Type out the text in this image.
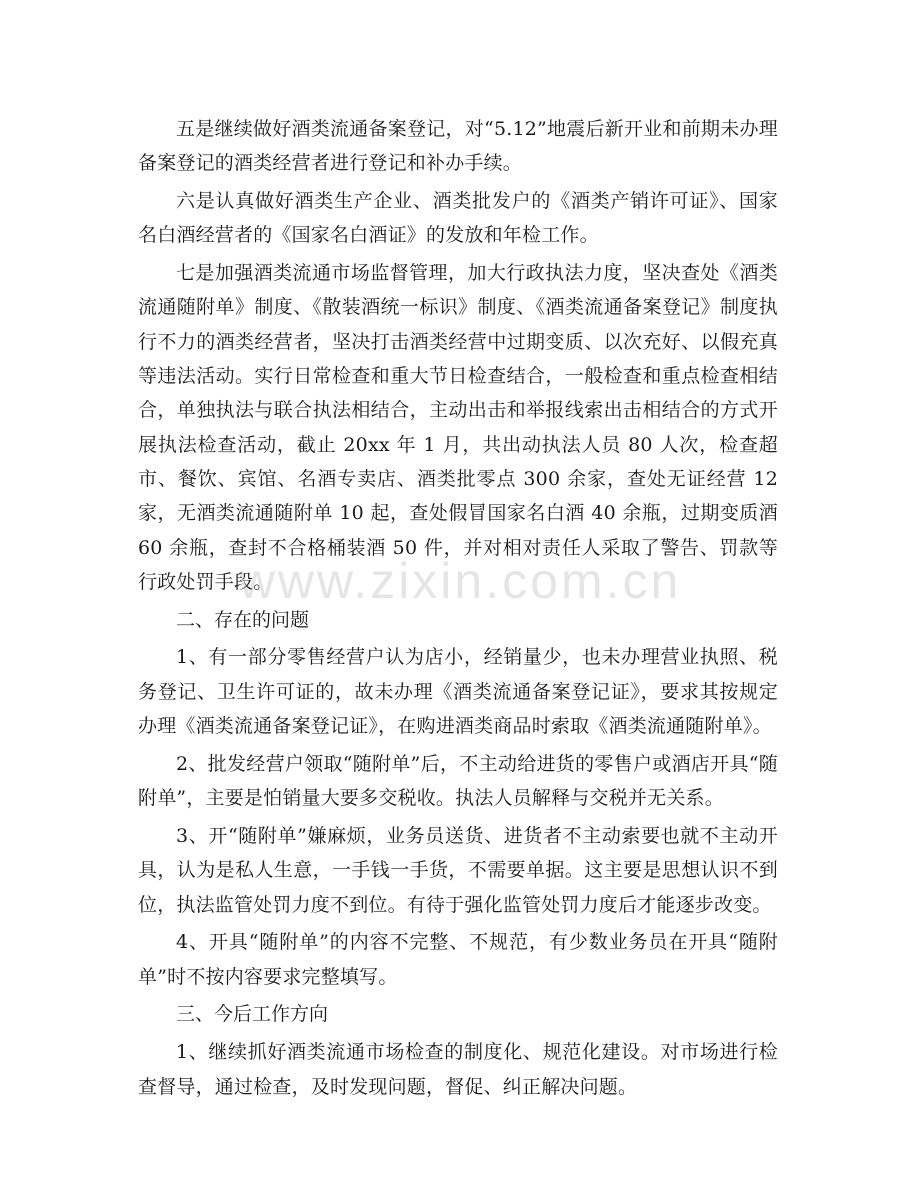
五是继续做好酒类流通备案登记，对“5.12”地震后新开业和前期未办理备案登记的酒类经营者进行登记和补办手续。

六是认真做好酒类生产企业、酒类批发户的《酒类产销许可证》、国家名白酒经营者的《国家名白酒证》的发放和年检工作。

七是加强酒类流通市场监督管理，加大行政执法力度，坚决查处《酒类流通随附单》制度、《散装酒统一标识》制度、《酒类流通备案登记》制度执行不力的酒类经营者，坚决打击酒类经营中过期变质、以次充好、以假充真等违法活动。实行日常检查和重大节日检查结合，一般检查和重点检查相结合，单独执法与联合执法相结合，主动出击和举报线索出击相结合的方式开展执法检查活动，截止 20xx 年 1 月，共出动执法人员 80 人次，检查超市、餐饮、宾馆、名酒专卖店、酒类批零点 300 余家，查处无证经营 12 家，无酒类流通随附单 10 起，查处假冒国家名白酒 40 余瓶，过期变质酒 60 余瓶，查封不合格桶装酒 50 件，并对相对责任人采取了警告、罚款等行政处罚手段。

二、存在的问题

1、有一部分零售经营户认为店小，经销量少，也未办理营业执照、税务登记、卫生许可证的，故未办理《酒类流通备案登记证》，要求其按规定办理《酒类流通备案登记证》，在购进酒类商品时索取《酒类流通随附单》。

2、批发经营户领取“随附单”后，不主动给进货的零售户或酒店开具“随附单”，主要是怕销量大要多交税收。执法人员解释与交税并无关系。

3、开“随附单”嫌麻烦，业务员送货、进货者不主动索要也就不主动开具，认为是私人生意，一手钱一手货，不需要单据。这主要是思想认识不到位，执法监管处罚力度不到位。有待于强化监管处罚力度后才能逐步改变。

4、开具“随附单”的内容不完整、不规范，有少数业务员在开具“随附单”时不按内容要求完整填写。

三、今后工作方向

1、继续抓好酒类流通市场检查的制度化、规范化建设。对市场进行检查督导，通过检查，及时发现问题，督促、纠正解决问题。

www.zixin.com.cn
